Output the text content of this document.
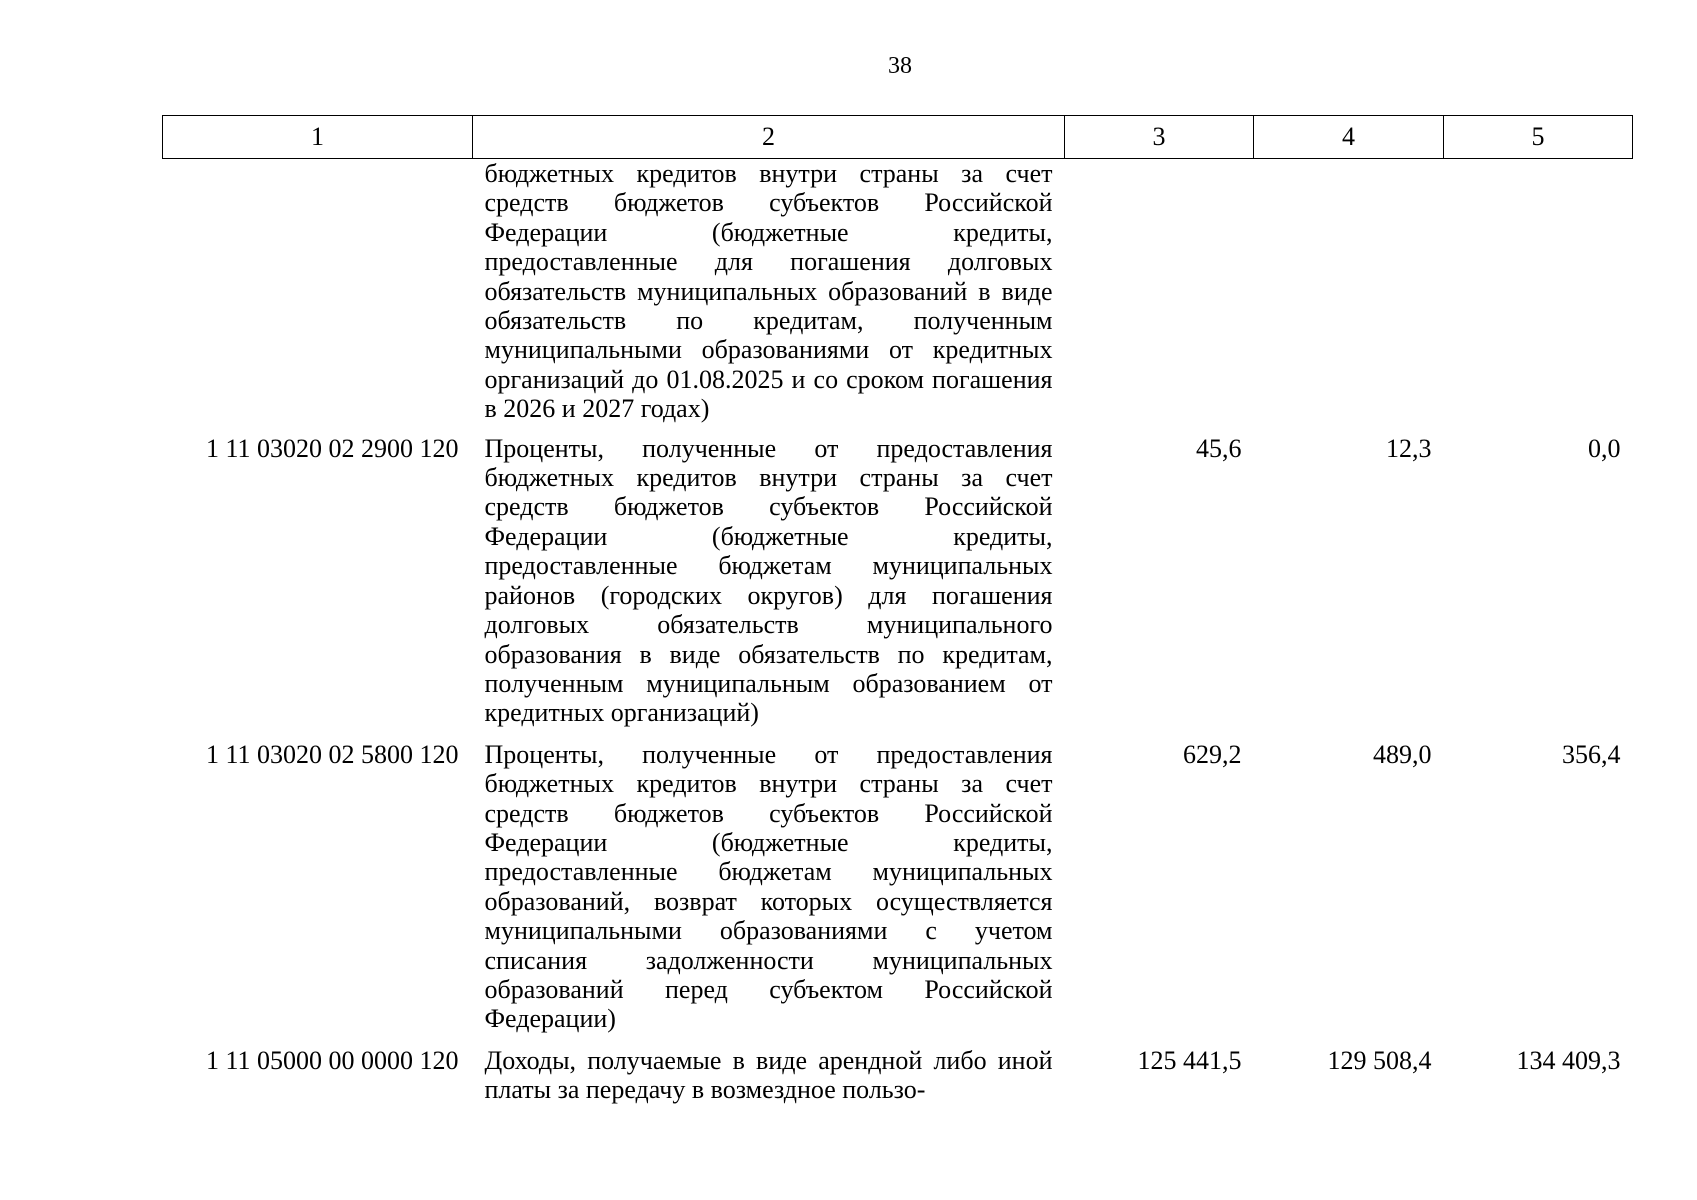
38
1	2	3	4	5
	бюджетных кредитов внутри страны за счет средств бюджетов субъектов Российской Федерации (бюджетные кредиты, предоставленные для погашения долговых обязательств муниципальных образований в виде обязательств по кредитам, полученным муниципальными образованиями от кредитных организаций до 01.08.2025 и со сроком погашения в 2026 и 2027 годах)			
1 11 03020 02 2900 120	Проценты, полученные от предоставления бюджетных кредитов внутри страны за счет средств бюджетов субъектов Российской Федерации (бюджетные кредиты, предоставленные бюджетам муниципальных районов (городских округов) для погашения долговых обязательств муниципального образования в виде обязательств по кредитам, полученным муниципальным образованием от кредитных организаций)	45,6	12,3	0,0
1 11 03020 02 5800 120	Проценты, полученные от предоставления бюджетных кредитов внутри страны за счет средств бюджетов субъектов Российской Федерации (бюджетные кредиты, предоставленные бюджетам муниципальных образований, возврат которых осуществляется муниципальными образованиями с учетом списания задолженности муниципальных образований перед субъектом Российской Федерации)	629,2	489,0	356,4
1 11 05000 00 0000 120	Доходы, получаемые в виде арендной либо иной платы за передачу в возмездное пользо-	125 441,5	129 508,4	134 409,3
